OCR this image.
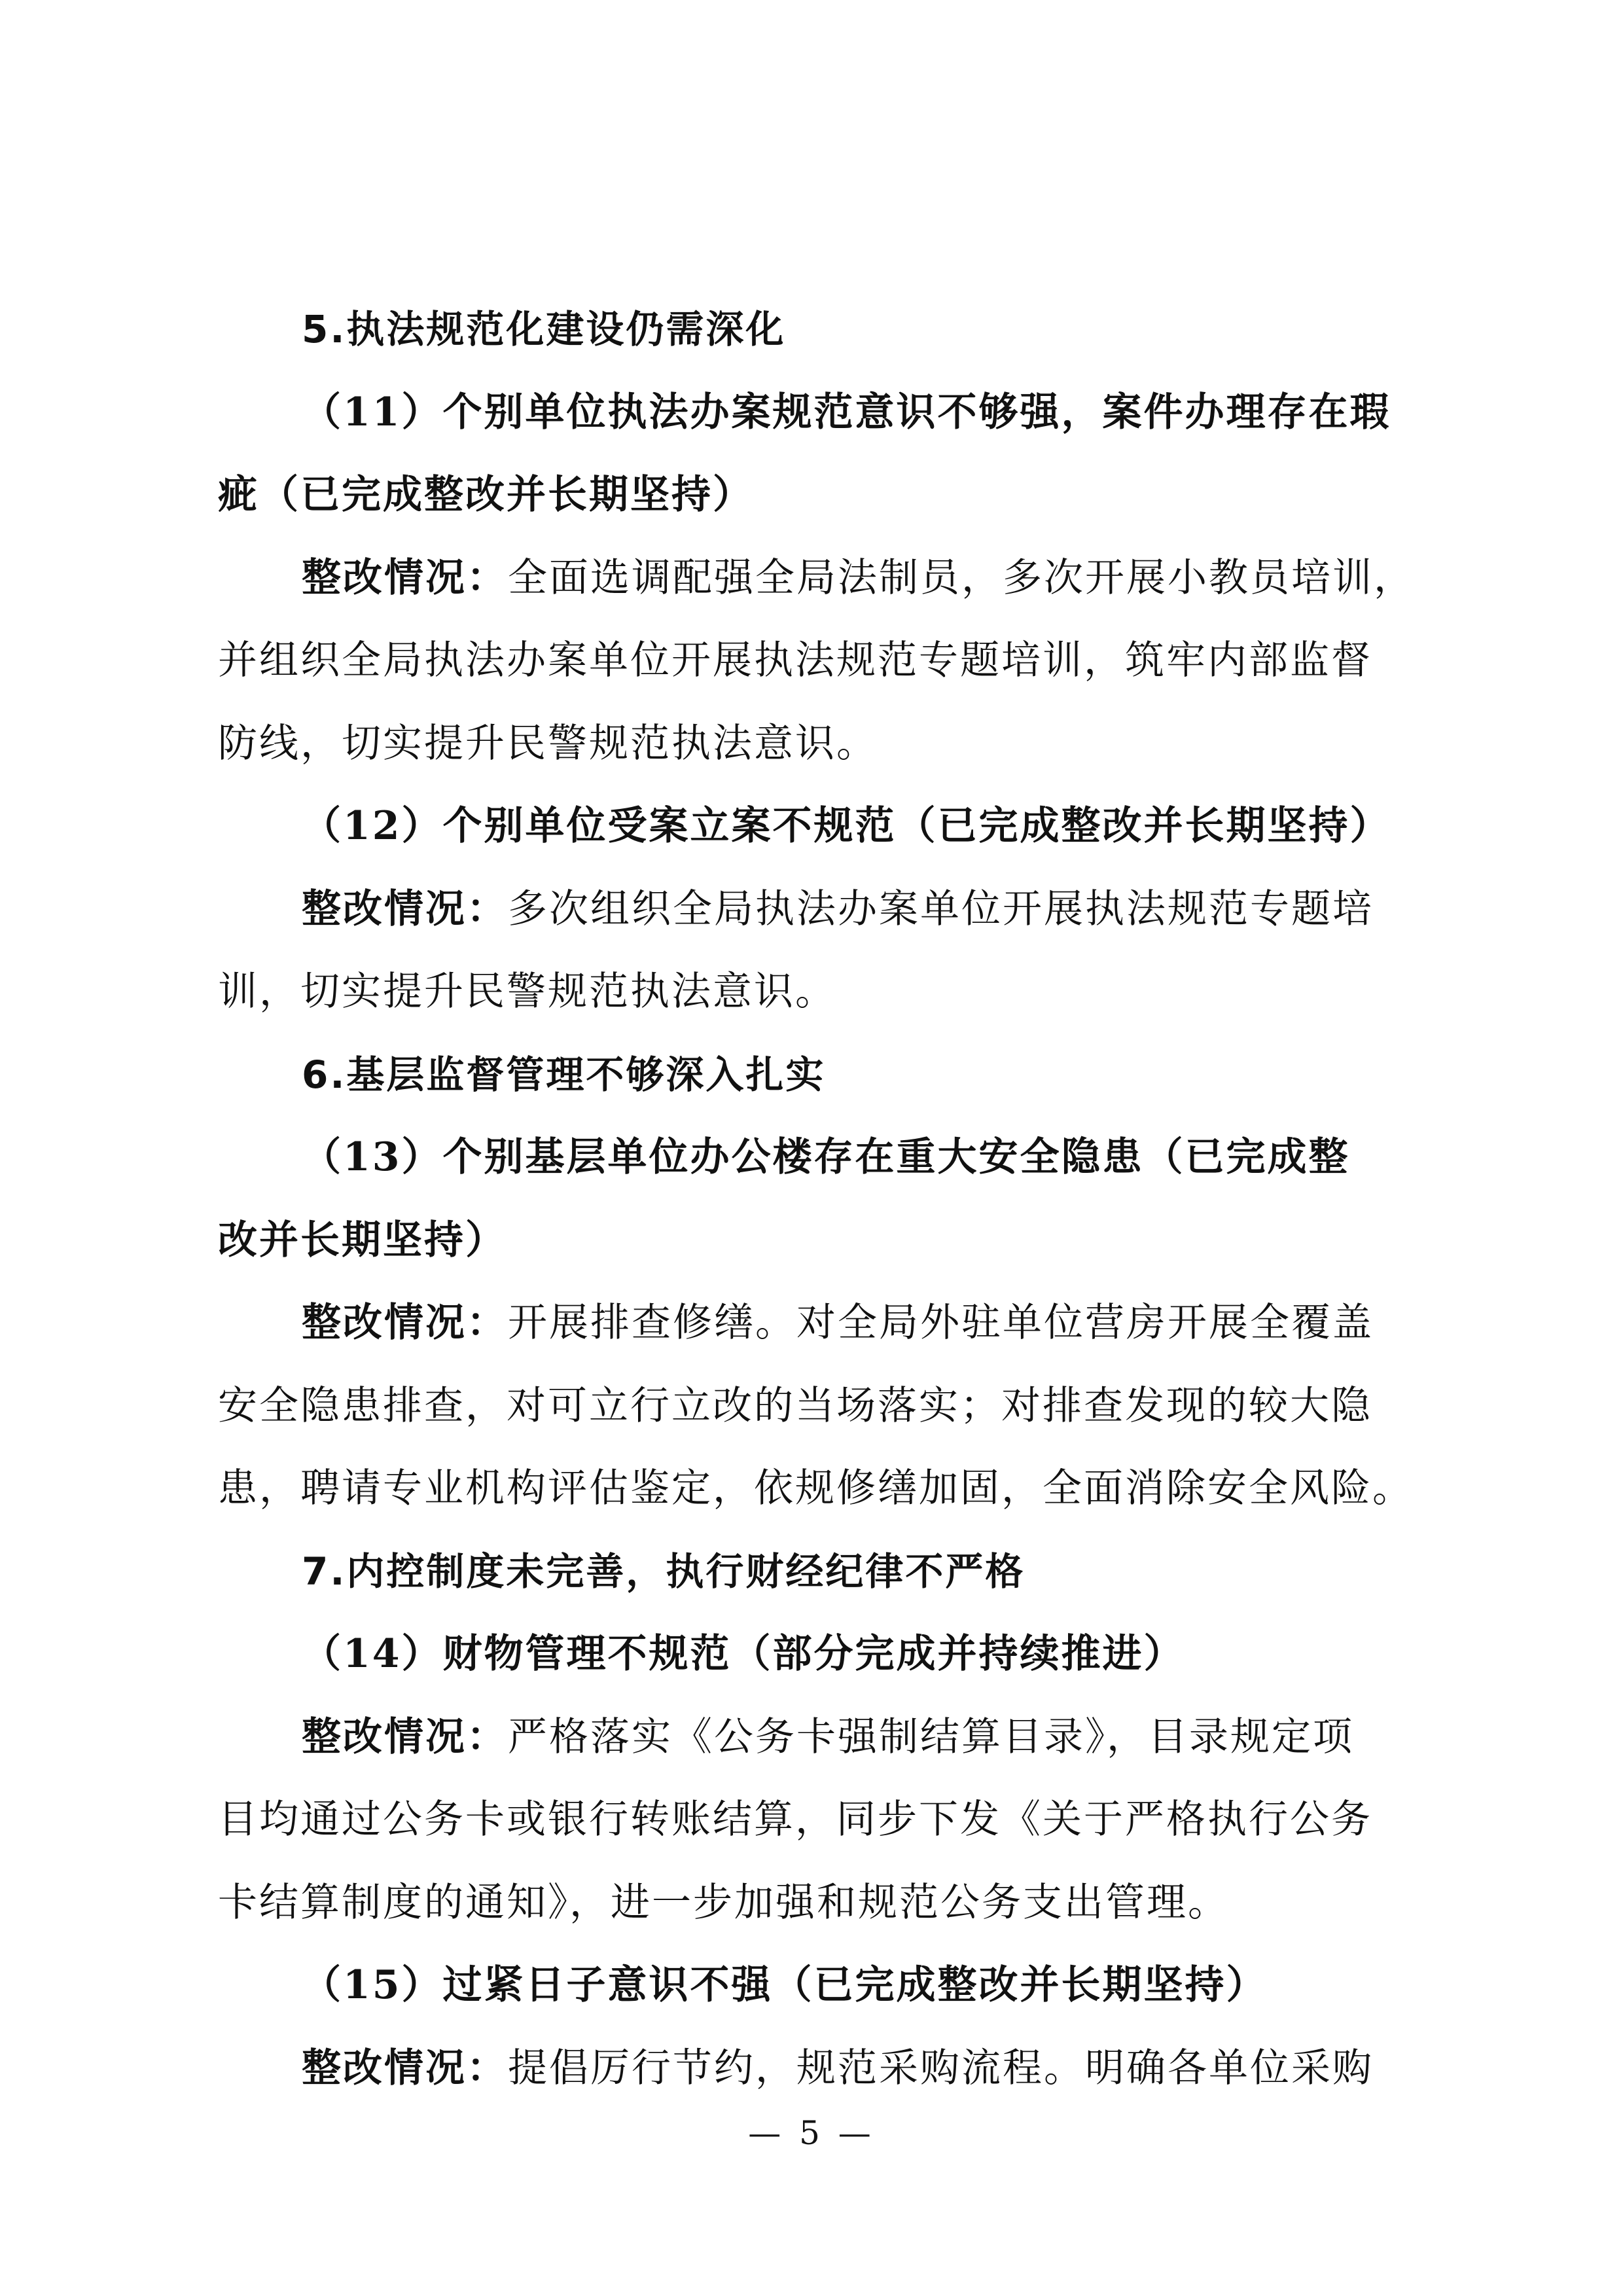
5.执法规范化建设仍需深化
（11）个别单位执法办案规范意识不够强，案件办理存在瑕
疵（已完成整改并长期坚持）
整改情况：全面选调配强全局法制员，多次开展小教员培训，
并组织全局执法办案单位开展执法规范专题培训，筑牢内部监督
防线，切实提升民警规范执法意识。
（12）个别单位受案立案不规范（已完成整改并长期坚持）
整改情况：多次组织全局执法办案单位开展执法规范专题培
训，切实提升民警规范执法意识。
6.基层监督管理不够深入扎实
（13）个别基层单位办公楼存在重大安全隐患（已完成整
改并长期坚持）
整改情况：开展排查修缮。对全局外驻单位营房开展全覆盖
安全隐患排查，对可立行立改的当场落实；对排查发现的较大隐
患，聘请专业机构评估鉴定，依规修缮加固，全面消除安全风险。
7.内控制度未完善，执行财经纪律不严格
（14）财物管理不规范（部分完成并持续推进）
整改情况：严格落实《公务卡强制结算目录》，目录规定项
目均通过公务卡或银行转账结算，同步下发《关于严格执行公务
卡结算制度的通知》，进一步加强和规范公务支出管理。
（15）过紧日子意识不强（已完成整改并长期坚持）
整改情况：提倡厉行节约，规范采购流程。明确各单位采购
— 5 —
